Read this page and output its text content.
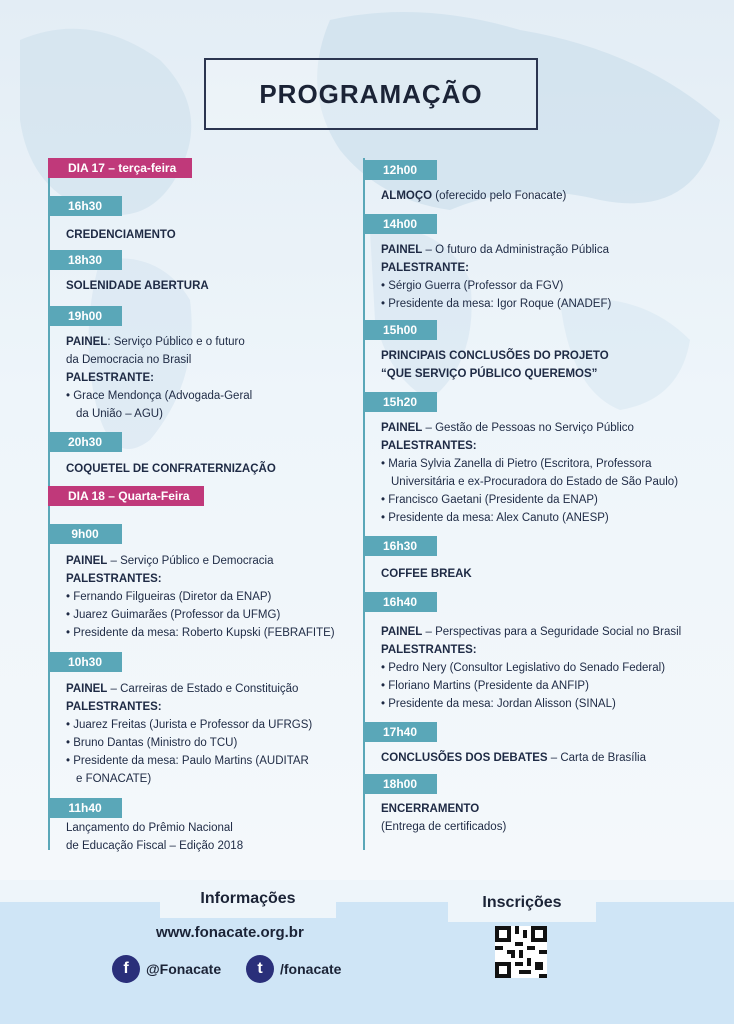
PROGRAMAÇÃO
DIA 17 – terça-feira
16h30
CREDENCIAMENTO
18h30
SOLENIDADE ABERTURA
19h00
PAINEL: Serviço Público e o futuro
da Democracia no Brasil
PALESTRANTE:
• Grace Mendonça (Advogada-Geral
da União – AGU)
20h30
COQUETEL DE CONFRATERNIZAÇÃO
DIA 18 – Quarta-Feira
9h00
PAINEL – Serviço Público e Democracia
PALESTRANTES:
• Fernando Filgueiras (Diretor da ENAP)
• Juarez Guimarães (Professor da UFMG)
• Presidente da mesa: Roberto Kupski (FEBRAFITE)
10h30
PAINEL – Carreiras de Estado e Constituição
PALESTRANTES:
• Juarez Freitas (Jurista e Professor da UFRGS)
• Bruno Dantas (Ministro do TCU)
• Presidente da mesa: Paulo Martins (AUDITAR
e FONACATE)
11h40
Lançamento do Prêmio Nacional
de Educação Fiscal – Edição 2018
12h00
ALMOÇO (oferecido pelo Fonacate)
14h00
PAINEL – O futuro da Administração Pública
PALESTRANTE:
• Sérgio Guerra (Professor da FGV)
• Presidente da mesa: Igor Roque (ANADEF)
15h00
PRINCIPAIS CONCLUSÕES DO PROJETO
“QUE SERVIÇO PÚBLICO QUEREMOS”
15h20
PAINEL – Gestão de Pessoas no Serviço Público
PALESTRANTES:
• Maria Sylvia Zanella di Pietro (Escritora, Professora
Universitária e ex-Procuradora do Estado de São Paulo)
• Francisco Gaetani (Presidente da ENAP)
• Presidente da mesa: Alex Canuto (ANESP)
16h30
COFFEE BREAK
16h40
PAINEL – Perspectivas para a Seguridade Social no Brasil
PALESTRANTES:
• Pedro Nery (Consultor Legislativo do Senado Federal)
• Floriano Martins (Presidente da ANFIP)
• Presidente da mesa: Jordan Alisson (SINAL)
17h40
CONCLUSÕES DOS DEBATES – Carta de Brasília
18h00
ENCERRAMENTO
(Entrega de certificados)
Informações	Inscrições
www.fonacate.org.br
f	@Fonacate	t	/fonacate
